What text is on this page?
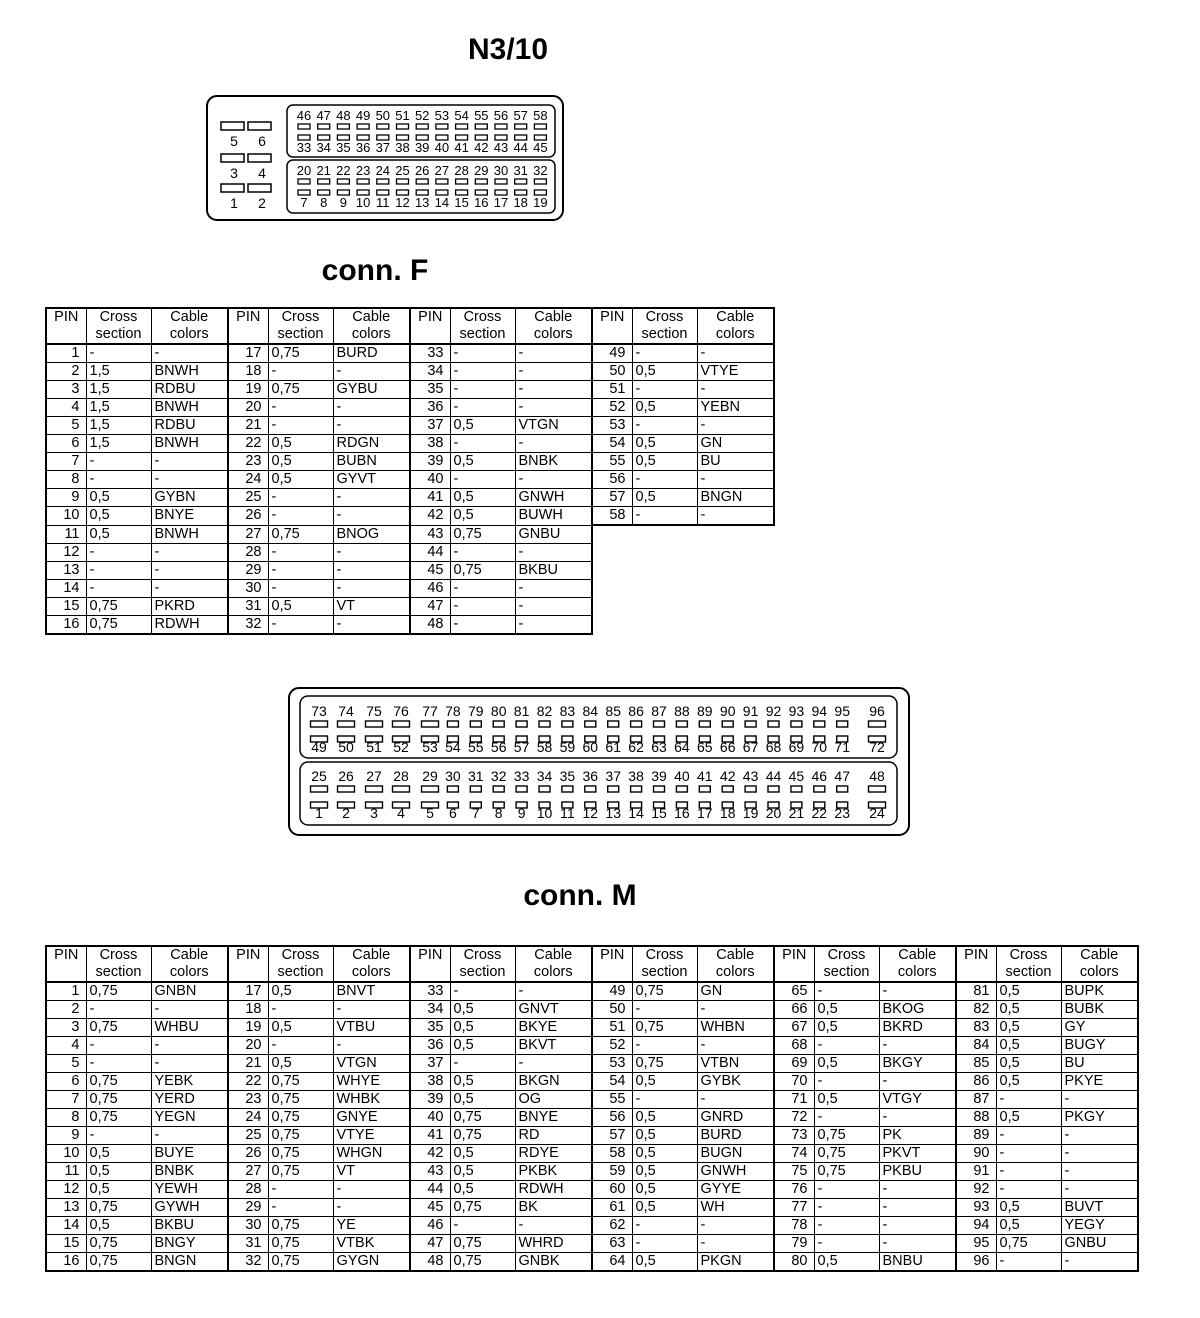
N3/10
5 6
3 4
1 2
46 47 48 49 50 51 52 53 54 55 56 57 58
33 34 35 36 37 38 39 40 41 42 43 44 45
20 21 22 23 24 25 26 27 28 29 30 31 32
7 8 9 10 11 12 13 14 15 16 17 18 19
conn. F
PIN	Cross
section	Cable
colors	PIN	Cross
section	Cable
colors	PIN	Cross
section	Cable
colors	PIN	Cross
section	Cable
colors
1	-	-	17	0,75	BURD	33	-	-	49	-	-
2	1,5	BNWH	18	-	-	34	-	-	50	0,5	VTYE
3	1,5	RDBU	19	0,75	GYBU	35	-	-	51	-	-
4	1,5	BNWH	20	-	-	36	-	-	52	0,5	YEBN
5	1,5	RDBU	21	-	-	37	0,5	VTGN	53	-	-
6	1,5	BNWH	22	0,5	RDGN	38	-	-	54	0,5	GN
7	-	-	23	0,5	BUBN	39	0,5	BNBK	55	0,5	BU
8	-	-	24	0,5	GYVT	40	-	-	56	-	-
9	0,5	GYBN	25	-	-	41	0,5	GNWH	57	0,5	BNGN
10	0,5	BNYE	26	-	-	42	0,5	BUWH	58	-	-
11	0,5	BNWH	27	0,75	BNOG	43	0,75	GNBU			
12	-	-	28	-	-	44	-	-			
13	-	-	29	-	-	45	0,75	BKBU			
14	-	-	30	-	-	46	-	-			
15	0,75	PKRD	31	0,5	VT	47	-	-			
16	0,75	RDWH	32	-	-	48	-	-			
73 74 75 76 77 78 79 80 81 82 83 84 85 86 87 88 89 90 91 92 93 94 95 96
49 50 51 52 53 54 55 56 57 58 59 60 61 62 63 64 65 66 67 68 69 70 71 72
25 26 27 28 29 30 31 32 33 34 35 36 37 38 39 40 41 42 43 44 45 46 47 48
1 2 3 4 5 6 7 8 9 10 11 12 13 14 15 16 17 18 19 20 21 22 23 24
conn. M
PIN	Cross
section	Cable
colors	PIN	Cross
section	Cable
colors	PIN	Cross
section	Cable
colors	PIN	Cross
section	Cable
colors	PIN	Cross
section	Cable
colors	PIN	Cross
section	Cable
colors
1	0,75	GNBN	17	0,5	BNVT	33	-	-	49	0,75	GN	65	-	-	81	0,5	BUPK
2	-	-	18	-	-	34	0,5	GNVT	50	-	-	66	0,5	BKOG	82	0,5	BUBK
3	0,75	WHBU	19	0,5	VTBU	35	0,5	BKYE	51	0,75	WHBN	67	0,5	BKRD	83	0,5	GY
4	-	-	20	-	-	36	0,5	BKVT	52	-	-	68	-	-	84	0,5	BUGY
5	-	-	21	0,5	VTGN	37	-	-	53	0,75	VTBN	69	0,5	BKGY	85	0,5	BU
6	0,75	YEBK	22	0,75	WHYE	38	0,5	BKGN	54	0,5	GYBK	70	-	-	86	0,5	PKYE
7	0,75	YERD	23	0,75	WHBK	39	0,5	OG	55	-	-	71	0,5	VTGY	87	-	-
8	0,75	YEGN	24	0,75	GNYE	40	0,75	BNYE	56	0,5	GNRD	72	-	-	88	0,5	PKGY
9	-	-	25	0,75	VTYE	41	0,75	RD	57	0,5	BURD	73	0,75	PK	89	-	-
10	0,5	BUYE	26	0,75	WHGN	42	0,5	RDYE	58	0,5	BUGN	74	0,75	PKVT	90	-	-
11	0,5	BNBK	27	0,75	VT	43	0,5	PKBK	59	0,5	GNWH	75	0,75	PKBU	91	-	-
12	0,5	YEWH	28	-	-	44	0,5	RDWH	60	0,5	GYYE	76	-	-	92	-	-
13	0,75	GYWH	29	-	-	45	0,75	BK	61	0,5	WH	77	-	-	93	0,5	BUVT
14	0,5	BKBU	30	0,75	YE	46	-	-	62	-	-	78	-	-	94	0,5	YEGY
15	0,75	BNGY	31	0,75	VTBK	47	0,75	WHRD	63	-	-	79	-	-	95	0,75	GNBU
16	0,75	BNGN	32	0,75	GYGN	48	0,75	GNBK	64	0,5	PKGN	80	0,5	BNBU	96	-	-
